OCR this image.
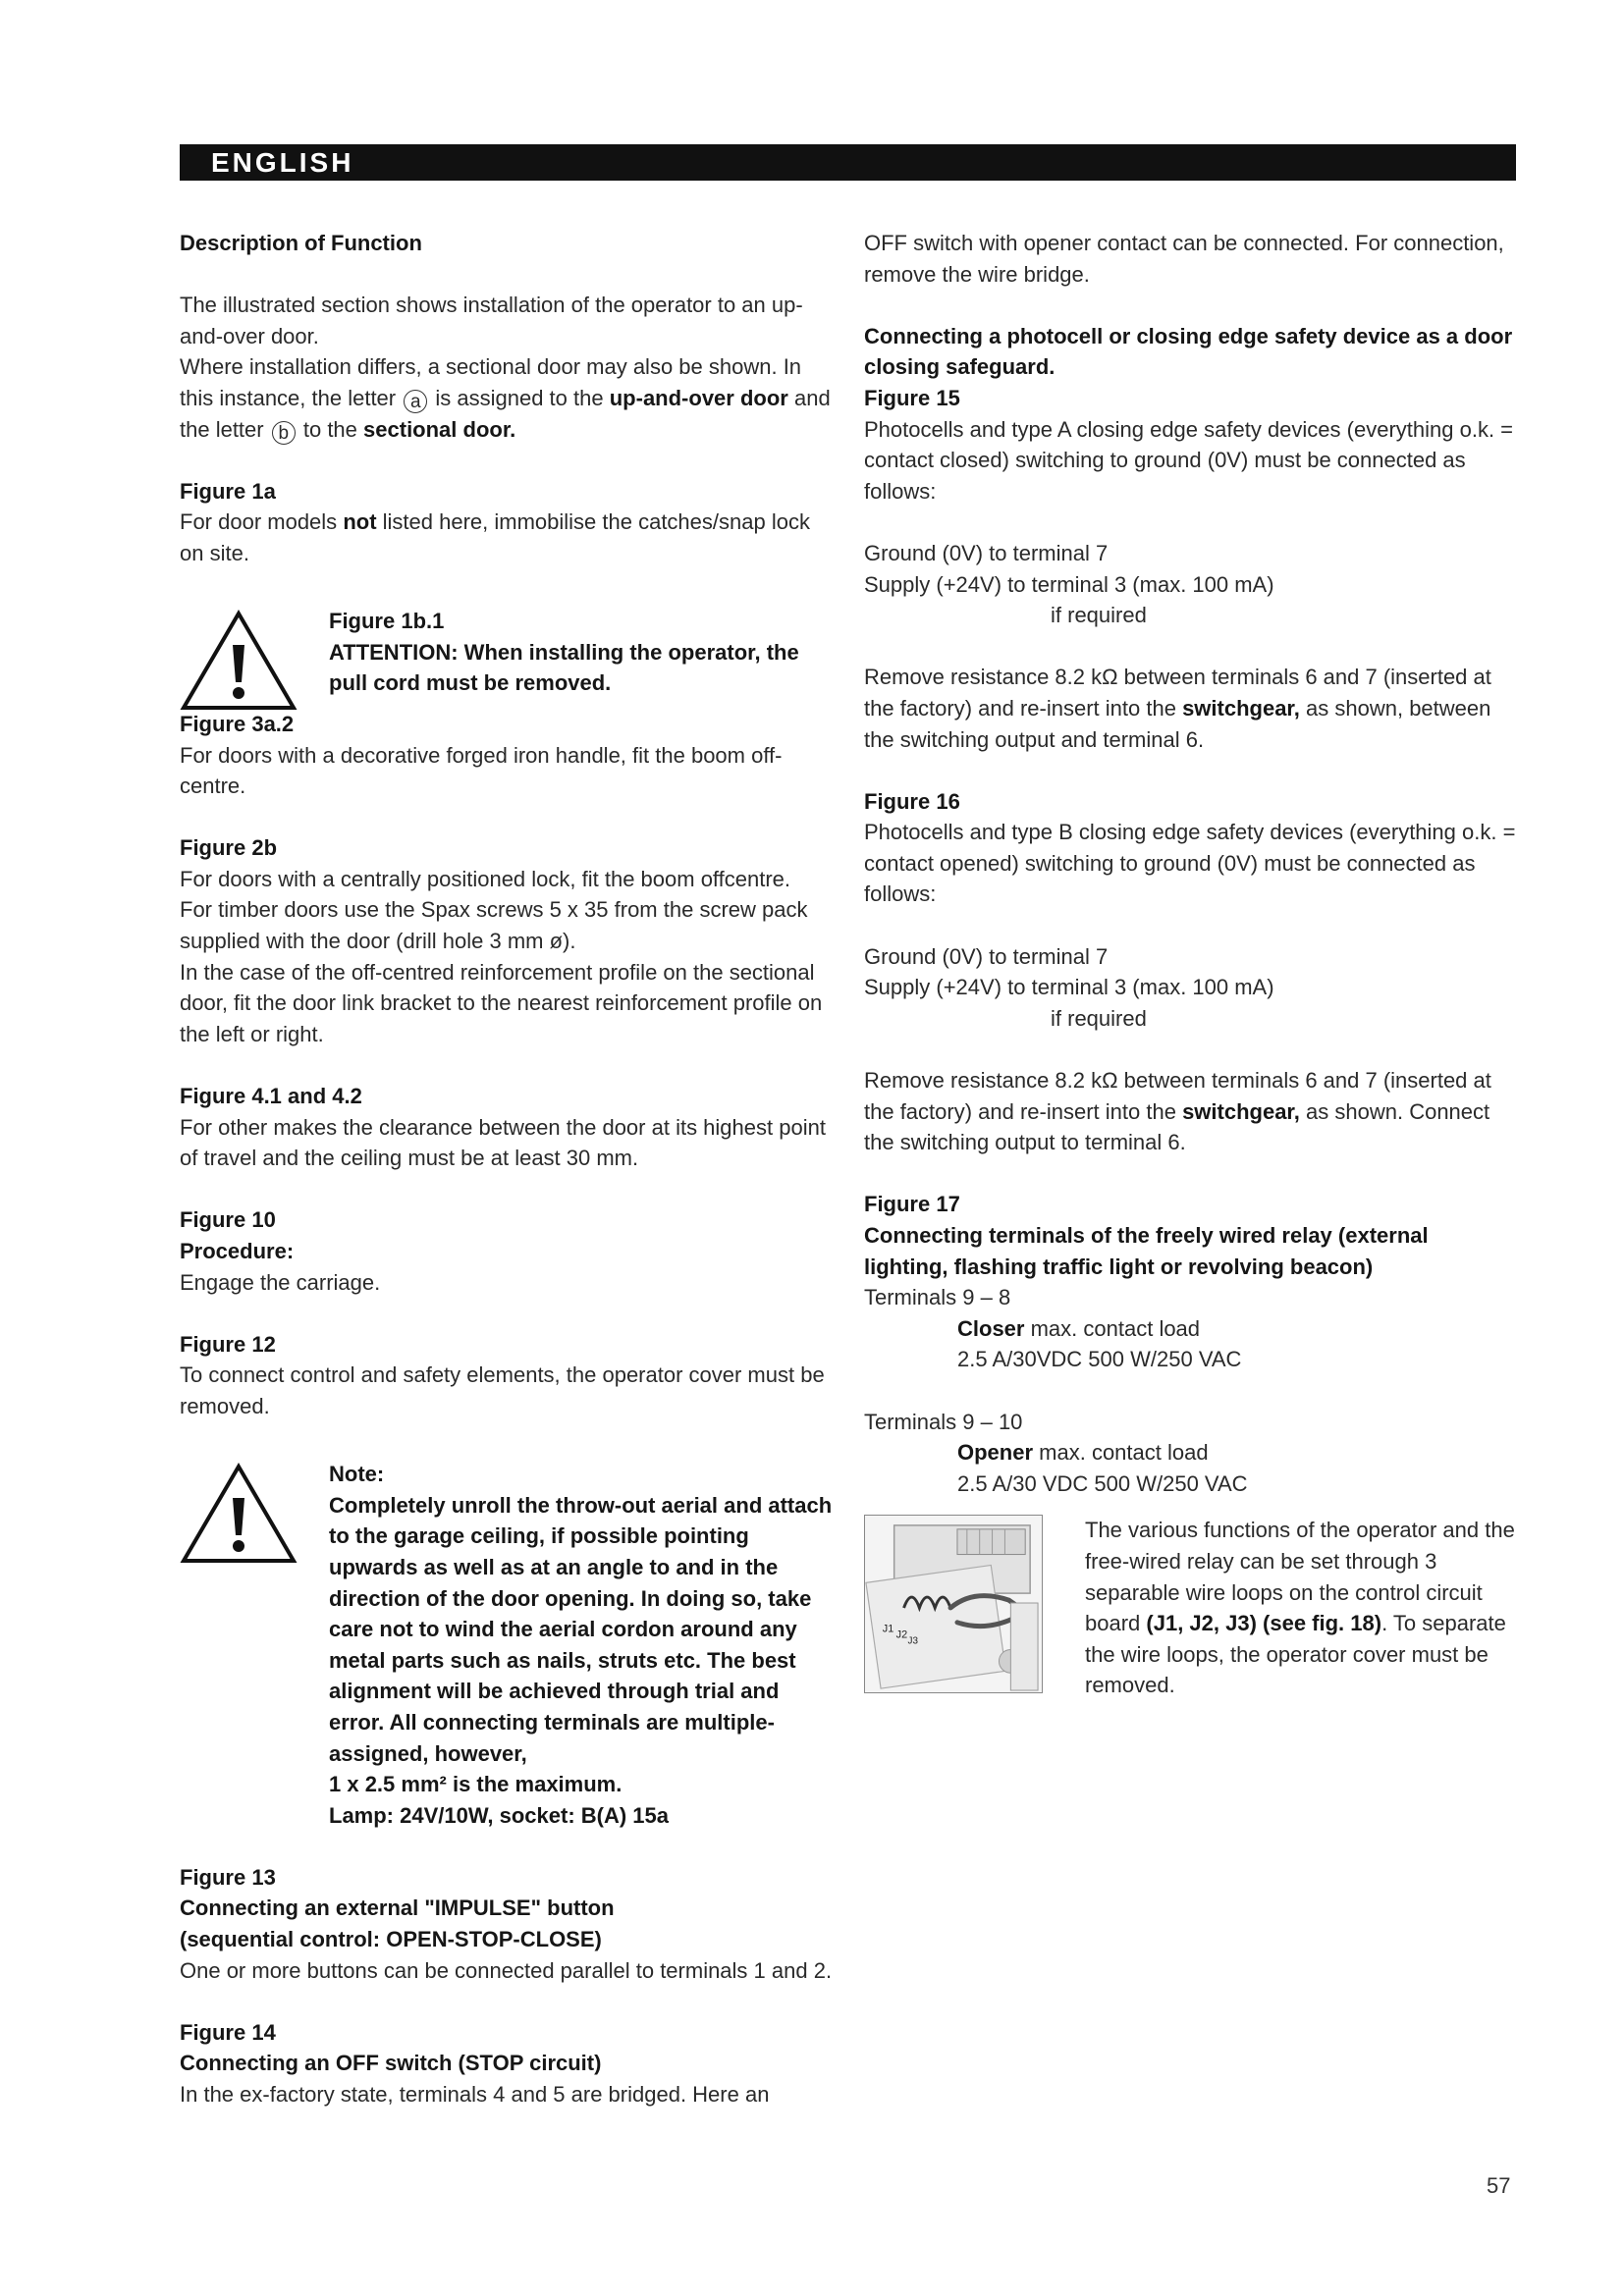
ENGLISH

Description of Function

The illustrated section shows installation of the operator to an up-and-over door.

Where installation differs, a sectional door may also be shown. In this instance, the letter a is assigned to the up-and-over door and the letter b to the sectional door.

Figure 1a

For door models not listed here, immobilise the catches/snap lock on site.

Figure 1b.1

ATTENTION: When installing the operator, the pull cord must be removed.

Figure 3a.2

For doors with a decorative forged iron handle, fit the boom off-centre.

Figure 2b

For doors with a centrally positioned lock, fit the boom offcentre.

For timber doors use the Spax screws 5 x 35 from the screw pack supplied with the door (drill hole 3 mm ø).

In the case of the off-centred reinforcement profile on the sectional door, fit the door link bracket to the nearest reinforcement profile on the left or right.

Figure 4.1 and 4.2

For other makes the clearance between the door at its highest point of travel and the ceiling must be at least 30 mm.

Figure 10

Procedure:

Engage the carriage.

Figure 12

To connect control and safety elements, the operator cover must be removed.

Note:

Completely unroll the throw-out aerial and attach to the garage ceiling, if possible pointing upwards as well as at an angle to and in the direction of the door opening. In doing so, take care not to wind the aerial cordon around any metal parts such as nails, struts etc. The best alignment will be achieved through trial and error. All connecting terminals are multiple-assigned, however,

1 x 2.5 mm² is the maximum.

Lamp: 24V/10W, socket: B(A) 15a

Figure 13

Connecting an external "IMPULSE" button

(sequential control: OPEN-STOP-CLOSE)

One or more buttons can be connected parallel to terminals 1 and 2.

Figure 14

Connecting an OFF switch (STOP circuit)

In the ex-factory state, terminals 4 and 5 are bridged. Here an

OFF switch with opener contact can be connected. For connection, remove the wire bridge.

Connecting a photocell or closing edge safety device as a door closing safeguard.

Figure 15

Photocells and type A closing edge safety devices (everything o.k. = contact closed) switching to ground (0V) must be connected as follows:

Ground (0V) to terminal 7

Supply (+24V) to terminal 3 (max. 100 mA)

if required

Remove resistance 8.2 kΩ between terminals 6 and 7 (inserted at the factory) and re-insert into the switchgear, as shown, between the switching output and terminal 6.

Figure 16

Photocells and type B closing edge safety devices (everything o.k. = contact opened) switching to ground (0V) must be connected as follows:

Ground (0V) to terminal 7

Supply (+24V) to terminal 3 (max. 100 mA)

if required

Remove resistance 8.2 kΩ between terminals 6 and 7 (inserted at the factory) and re-insert into the switchgear, as shown. Connect the switching output to terminal 6.

Figure 17

Connecting terminals of the freely wired relay (external lighting, flashing traffic light or revolving beacon)

Terminals 9 – 8

Closer max. contact load

2.5 A/30VDC 500 W/250 VAC

Terminals 9 – 10

Opener max. contact load

2.5 A/30 VDC 500 W/250 VAC

J1 J2
J3

The various functions of the operator and the free-wired relay can be set through 3 separable wire loops on the control circuit board (J1, J2, J3) (see fig. 18). To separate the wire loops, the operator cover must be removed.

57
